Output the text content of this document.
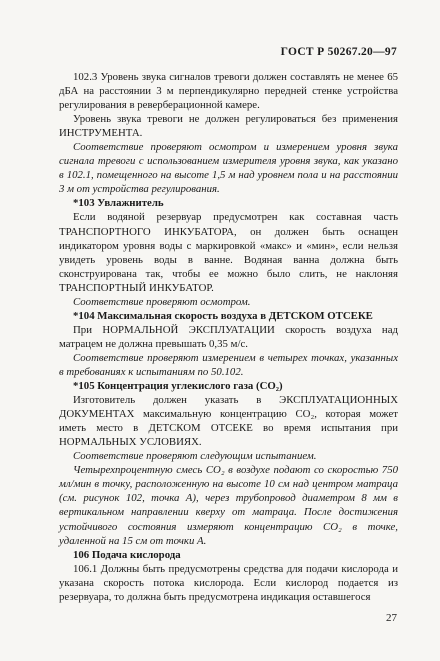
ГОСТ Р 50267.20—97

102.3 Уровень звука сигналов тревоги должен составлять не менее 65 дБА на расстоянии 3 м перпендикулярно передней стенке устройства регулирования в реверберационной камере.

Уровень звука тревоги не должен регулироваться без применения ИНСТРУМЕНТА.

Соответствие проверяют осмотром и измерением уровня звука сигнала тревоги с использованием измерителя уровня звука, как указано в 102.1, помещенного на высоте 1,5 м над уровнем пола и на расстоянии 3 м от устройства регулирования.

*103 Увлажнитель

Если водяной резервуар предусмотрен как составная часть ТРАНСПОРТНОГО ИНКУБАТОРА, он должен быть оснащен индикатором уровня воды с маркировкой «макс» и «мин», если нельзя увидеть уровень воды в ванне. Водяная ванна должна быть сконструирована так, чтобы ее можно было слить, не наклоняя ТРАНСПОРТНЫЙ ИНКУБАТОР.

Соответствие проверяют осмотром.

*104 Максимальная скорость воздуха в ДЕТСКОМ ОТСЕКЕ

При НОРМАЛЬНОЙ ЭКСПЛУАТАЦИИ скорость воздуха над матрацем не должна превышать 0,35 м/с.

Соответствие проверяют измерением в четырех точках, указанных в требованиях к испытаниям по 50.102.

*105 Концентрация углекислого газа (CO₂)

Изготовитель должен указать в ЭКСПЛУАТАЦИОННЫХ ДОКУМЕНТАХ максимальную концентрацию CO₂, которая может иметь место в ДЕТСКОМ ОТСЕКЕ во время испытания при НОРМАЛЬНЫХ УСЛОВИЯХ.

Соответствие проверяют следующим испытанием.

Четырехпроцентную смесь CO₂ в воздухе подают со скоростью 750 мл/мин в точку, расположенную на высоте 10 см над центром матраца (см. рисунок 102, точка A), через трубопровод диаметром 8 мм в вертикальном направлении кверху от матраца. После достижения устойчивого состояния измеряют концентрацию CO₂ в точке, удаленной на 15 см от точки A.

106 Подача кислорода

106.1 Должны быть предусмотрены средства для подачи кислорода и указана скорость потока кислорода. Если кислород подается из резервуара, то должна быть предусмотрена индикация оставшегося

27
